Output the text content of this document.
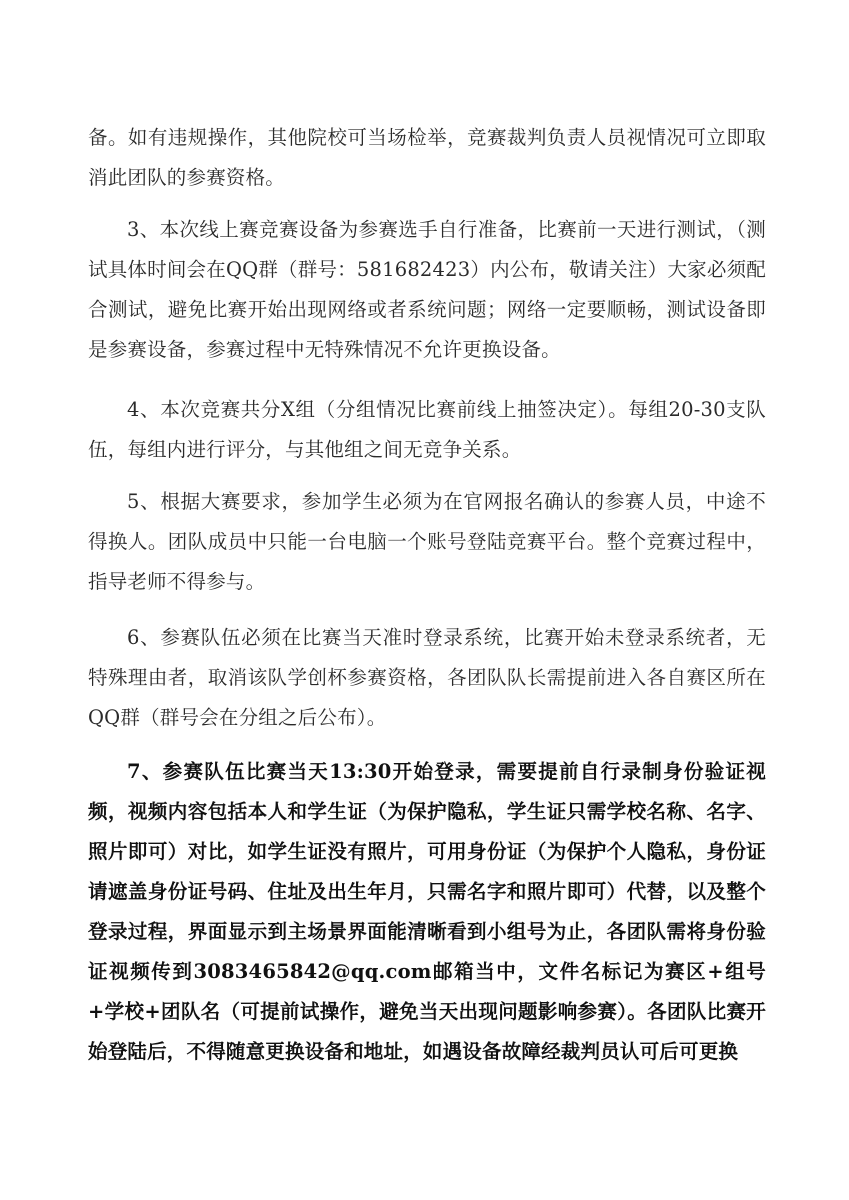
备。如有违规操作，其他院校可当场检举，竞赛裁判负责人员视情况可立即取消此团队的参赛资格。

3、本次线上赛竞赛设备为参赛选手自行准备，比赛前一天进行测试，（测试具体时间会在QQ群（群号：581682423）内公布，敬请关注）大家必须配合测试，避免比赛开始出现网络或者系统问题；网络一定要顺畅，测试设备即是参赛设备，参赛过程中无特殊情况不允许更换设备。

4、本次竞赛共分X组（分组情况比赛前线上抽签决定）。每组20-30支队伍，每组内进行评分，与其他组之间无竞争关系。

5、根据大赛要求，参加学生必须为在官网报名确认的参赛人员，中途不得换人。团队成员中只能一台电脑一个账号登陆竞赛平台。整个竞赛过程中，指导老师不得参与。

6、参赛队伍必须在比赛当天准时登录系统，比赛开始未登录系统者，无特殊理由者，取消该队学创杯参赛资格，各团队队长需提前进入各自赛区所在QQ群（群号会在分组之后公布）。

7、参赛队伍比赛当天13:30开始登录，需要提前自行录制身份验证视频，视频内容包括本人和学生证（为保护隐私，学生证只需学校名称、名字、照片即可）对比，如学生证没有照片，可用身份证（为保护个人隐私，身份证请遮盖身份证号码、住址及出生年月，只需名字和照片即可）代替，以及整个登录过程，界面显示到主场景界面能清晰看到小组号为止，各团队需将身份验证视频传到3083465842@qq.com邮箱当中，文件名标记为赛区+组号+学校+团队名（可提前试操作，避免当天出现问题影响参赛）。各团队比赛开始登陆后，不得随意更换设备和地址，如遇设备故障经裁判员认可后可更换
